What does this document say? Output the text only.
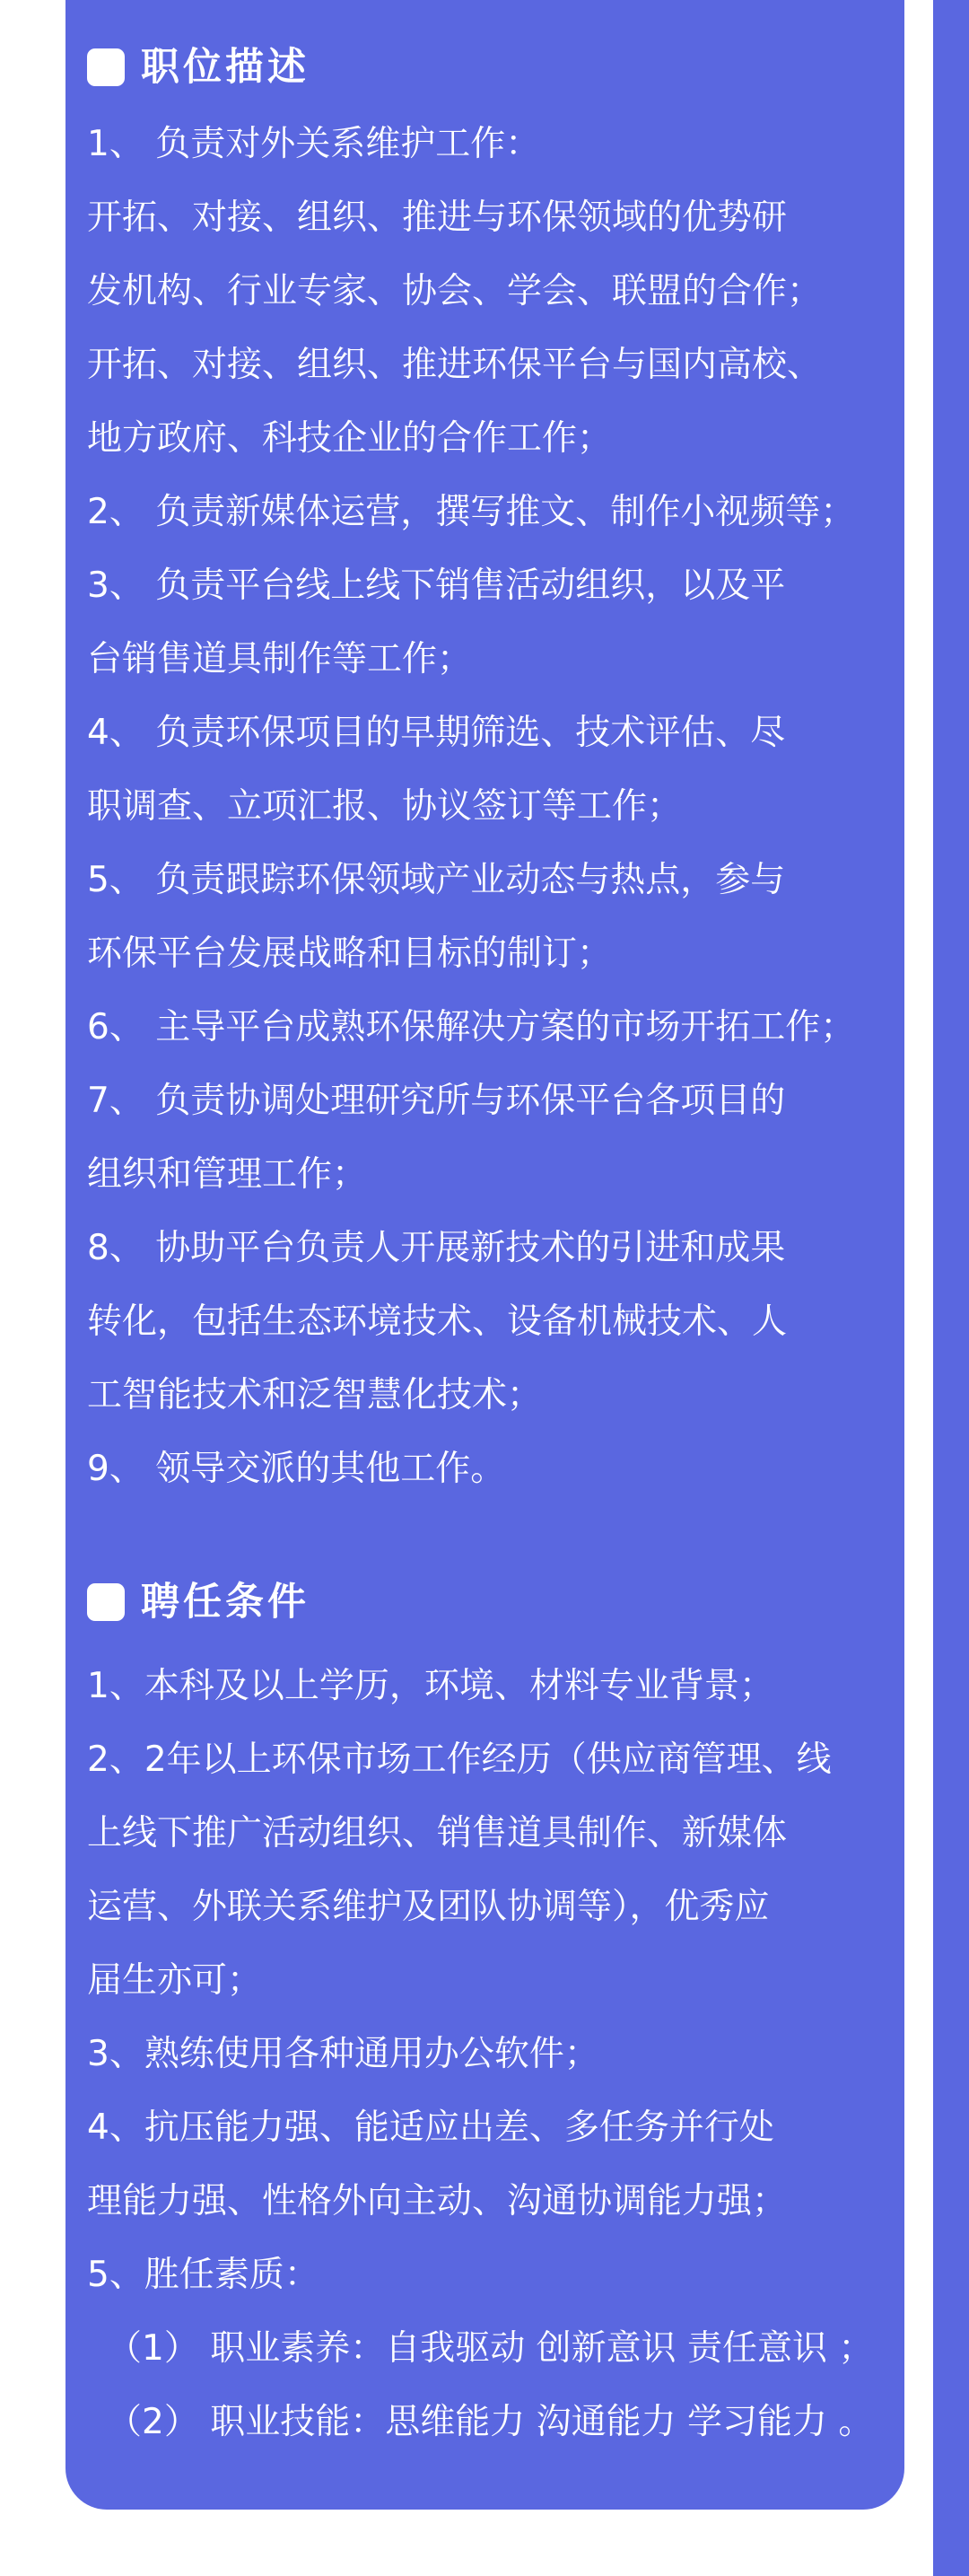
职位描述
1、 负责对外关系维护工作：
开拓、对接、组织、推进与环保领域的优势研
发机构、行业专家、协会、学会、联盟的合作；
开拓、对接、组织、推进环保平台与国内高校、
地方政府、科技企业的合作工作；
2、 负责新媒体运营，撰写推文、制作小视频等；
3、 负责平台线上线下销售活动组织，以及平
台销售道具制作等工作；
4、 负责环保项目的早期筛选、技术评估、尽
职调查、立项汇报、协议签订等工作；
5、 负责跟踪环保领域产业动态与热点，参与
环保平台发展战略和目标的制订；
6、 主导平台成熟环保解决方案的市场开拓工作；
7、 负责协调处理研究所与环保平台各项目的
组织和管理工作；
8、 协助平台负责人开展新技术的引进和成果
转化，包括生态环境技术、设备机械技术、人
工智能技术和泛智慧化技术；
9、 领导交派的其他工作。
聘任条件
1、本科及以上学历，环境、材料专业背景；
2、2年以上环保市场工作经历（供应商管理、线
上线下推广活动组织、销售道具制作、新媒体
运营、外联关系维护及团队协调等），优秀应
届生亦可；
3、熟练使用各种通用办公软件；
4、抗压能力强、能适应出差、多任务并行处
理能力强、性格外向主动、沟通协调能力强；
5、胜任素质：
（1） 职业素养：自我驱动 创新意识 责任意识 ；
（2） 职业技能：思维能力 沟通能力 学习能力 。
